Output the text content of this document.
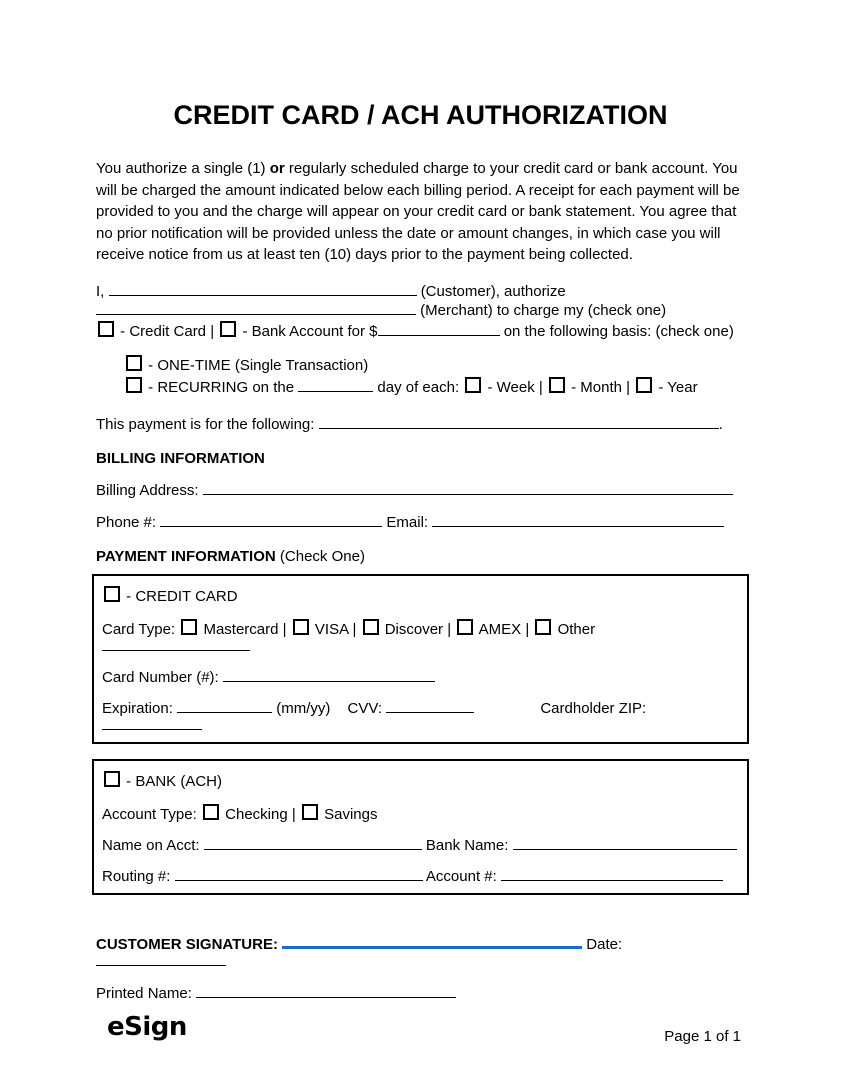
CREDIT CARD / ACH AUTHORIZATION

You authorize a single (1) or regularly scheduled charge to your credit card or bank account. You will be charged the amount indicated below each billing period. A receipt for each payment will be provided to you and the charge will appear on your credit card or bank statement. You agree that no prior notification will be provided unless the date or amount changes, in which case you will receive notice from us at least ten (10) days prior to the payment being collected.

I,	(Customer), authorize

(Merchant) to charge my (check one)

- Credit Card | - Bank Account for $	on the following basis: (check one)

- ONE-TIME (Single Transaction)

- RECURRING on the	day of each: - Week | - Month | - Year

This payment is for the following:	.
BILLING INFORMATION
Billing Address:
Phone #:	Email:
PAYMENT INFORMATION (Check One)
- CREDIT CARD
Card Type: Mastercard | VISA | Discover | AMEX | Other
Card Number (#):
Expiration:	(mm/yy) CVV:	Cardholder ZIP:
- BANK (ACH)
Account Type: Checking | Savings
Name on Acct:	Bank Name:
Routing #:	Account #:
CUSTOMER SIGNATURE:	Date:
Printed Name:
eSign	Page 1 of 1
